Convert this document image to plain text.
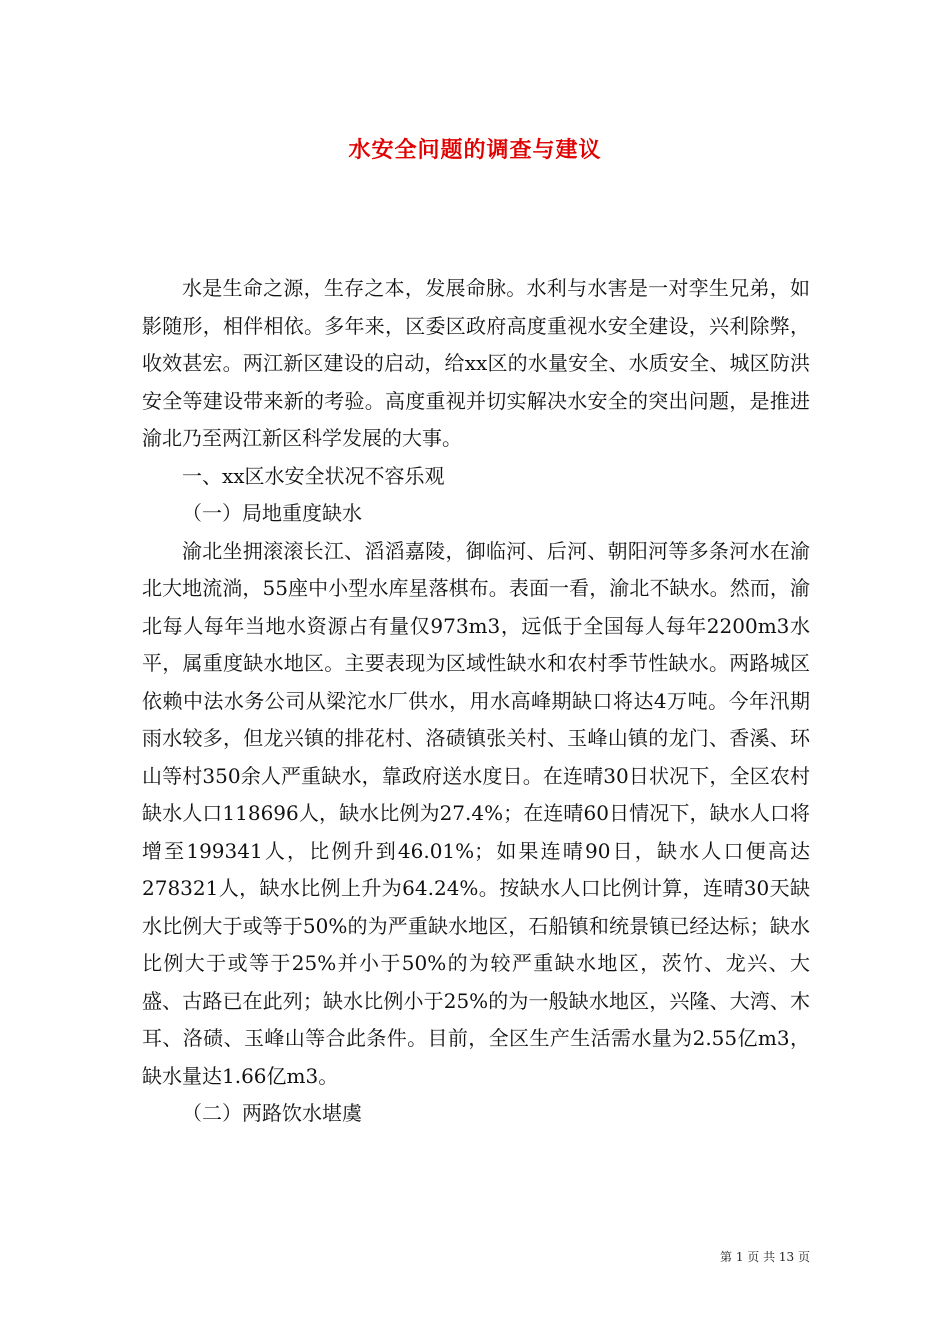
水安全问题的调查与建议

水是生命之源，生存之本，发展命脉。水利与水害是一对孪生兄弟，如影随形，相伴相依。多年来，区委区政府高度重视水安全建设，兴利除弊，收效甚宏。两江新区建设的启动，给xx区的水量安全、水质安全、城区防洪安全等建设带来新的考验。高度重视并切实解决水安全的突出问题，是推进渝北乃至两江新区科学发展的大事。

一、xx区水安全状况不容乐观

（一）局地重度缺水

渝北坐拥滚滚长江、滔滔嘉陵，御临河、后河、朝阳河等多条河水在渝北大地流淌，55座中小型水库星落棋布。表面一看，渝北不缺水。然而，渝北每人每年当地水资源占有量仅973m3，远低于全国每人每年2200m3水平，属重度缺水地区。主要表现为区域性缺水和农村季节性缺水。两路城区依赖中法水务公司从梁沱水厂供水，用水高峰期缺口将达4万吨。今年汛期雨水较多，但龙兴镇的排花村、洛碛镇张关村、玉峰山镇的龙门、香溪、环山等村350余人严重缺水，靠政府送水度日。在连晴30日状况下，全区农村缺水人口118696人，缺水比例为27.4%；在连晴60日情况下，缺水人口将增至199341人，比例升到46.01%；如果连晴90日，缺水人口便高达278321人，缺水比例上升为64.24%。按缺水人口比例计算，连晴30天缺水比例大于或等于50%的为严重缺水地区，石船镇和统景镇已经达标；缺水比例大于或等于25%并小于50%的为较严重缺水地区，茨竹、龙兴、大盛、古路已在此列；缺水比例小于25%的为一般缺水地区，兴隆、大湾、木耳、洛碛、玉峰山等合此条件。目前，全区生产生活需水量为2.55亿m3，缺水量达1.66亿m3。

（二）两路饮水堪虞

第 1 页 共 13 页
